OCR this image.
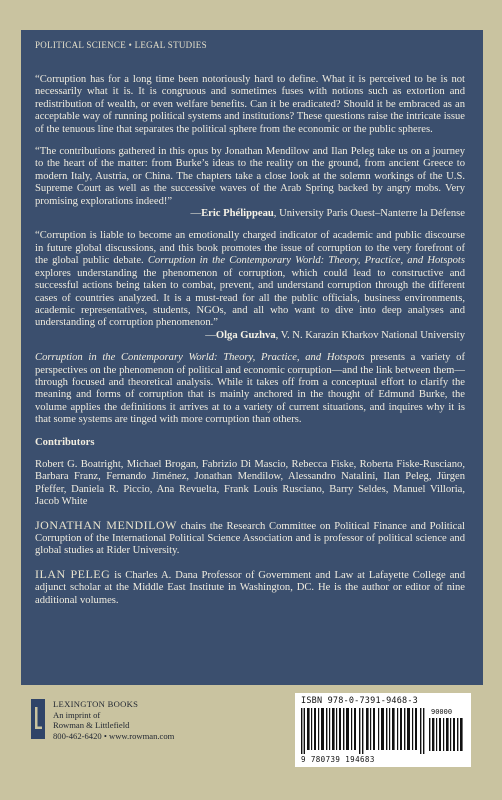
POLITICAL SCIENCE • LEGAL STUDIES

“Corruption has for a long time been notoriously hard to define. What it is perceived to be is not necessarily what it is. It is congruous and sometimes fuses with notions such as extortion and redistribution of wealth, or even welfare benefits. Can it be eradicated? Should it be embraced as an acceptable way of running political systems and institutions? These questions raise the intricate issue of the tenuous line that separates the political sphere from the economic or the public spheres.

“The contributions gathered in this opus by Jonathan Mendilow and Ilan Peleg take us on a journey to the heart of the matter: from Burke’s ideas to the reality on the ground, from ancient Greece to modern Italy, Austria, or China. The chapters take a close look at the solemn workings of the U.S. Supreme Court as well as the successive waves of the Arab Spring backed by angry mobs. Very promising explorations indeed!”

—Eric Phélippeau, University Paris Ouest–Nanterre la Défense

“Corruption is liable to become an emotionally charged indicator of academic and public discourse in future global discussions, and this book promotes the issue of corruption to the very forefront of the global public debate. Corruption in the Contemporary World: Theory, Practice, and Hotspots explores understanding the phenomenon of corruption, which could lead to constructive and successful actions being taken to combat, prevent, and understand corruption through the different cases of countries analyzed. It is a must-read for all the public officials, business environments, academic representatives, students, NGOs, and all who want to dive into deep analyses and understanding of corruption phenomenon.”

—Olga Guzhva, V. N. Karazin Kharkov National University

Corruption in the Contemporary World: Theory, Practice, and Hotspots presents a variety of perspectives on the phenomenon of political and economic corruption—and the link between them—through focused and theoretical analysis. While it takes off from a conceptual effort to clarify the meaning and forms of corruption that is mainly anchored in the thought of Edmund Burke, the volume applies the definitions it arrives at to a variety of current situations, and inquires why it is that some systems are tinged with more corruption than others.

Contributors

Robert G. Boatright, Michael Brogan, Fabrizio Di Mascio, Rebecca Fiske, Roberta Fiske-Rusciano, Barbara Franz, Fernando Jiménez, Jonathan Mendilow, Alessandro Natalini, Ilan Peleg, Jürgen Pfeffer, Daniela R. Piccio, Ana Revuelta, Frank Louis Rusciano, Barry Seldes, Manuel Villoria, Jacob White

JONATHAN MENDILOW chairs the Research Committee on Political Finance and Political Corruption of the International Political Science Association and is professor of political science and global studies at Rider University.

ILAN PELEG is Charles A. Dana Professor of Government and Law at Lafayette College and adjunct scholar at the Middle East Institute in Washington, DC. He is the author or editor of nine additional volumes.

LEXINGTON BOOKS
An imprint of
Rowman & Littlefield
800-462-6420 • www.rowman.com
ISBN 978-0-7391-9468-3
90000
9 780739 194683
